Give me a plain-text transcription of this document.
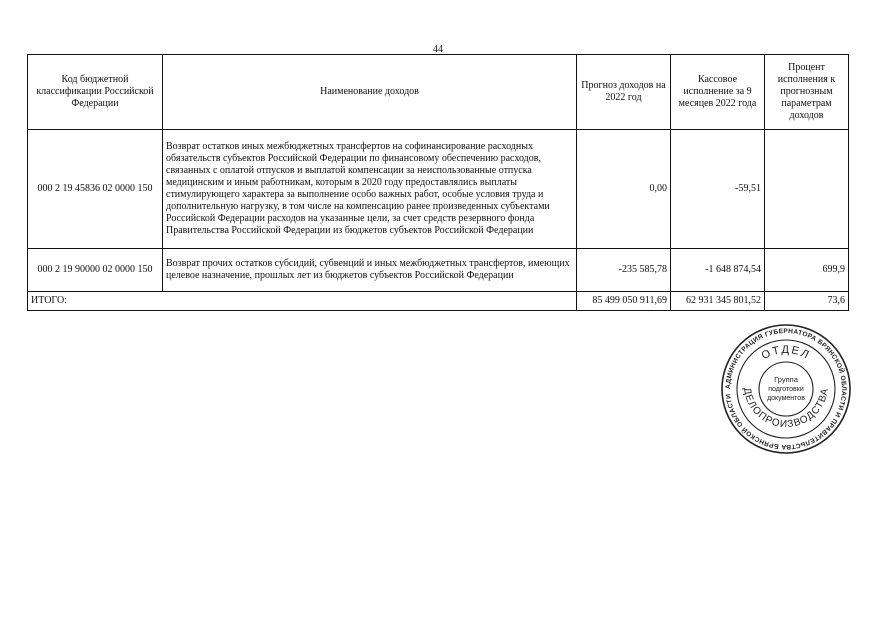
44
Код бюджетной классификации Российской Федерации	Наименование доходов	Прогноз доходов на 2022 год	Кассовое исполнение за 9 месяцев 2022 года	Процент исполнения к прогнозным параметрам доходов
000 2 19 45836 02 0000 150	Возврат остатков иных межбюджетных трансфертов на софинансирование расходных обязательств субъектов Российской Федерации по финансовому обеспечению расходов, связанных с оплатой отпусков и выплатой компенсации за неиспользованные отпуска медицинским и иным работникам, которым в 2020 году предоставлялись выплаты стимулирующего характера за выполнение особо важных работ, особые условия труда и дополнительную нагрузку, в том числе на компенсацию ранее произведенных субъектами Российской Федерации расходов на указанные цели, за счет средств резервного фонда Правительства Российской Федерации из бюджетов субъектов Российской Федерации	0,00	-59,51	
000 2 19 90000 02 0000 150	Возврат прочих остатков субсидий, субвенций и иных межбюджетных трансфертов, имеющих целевое назначение, прошлых лет из бюджетов субъектов Российской Федерации	-235 585,78	-1 648 874,54	699,9
ИТОГО:		85 499 050 911,69	62 931 345 801,52	73,6
АДМИНИСТРАЦИЯ ГУБЕРНАТОРА БРЯНСКОЙ ОБЛАСТИ И ПРАВИТЕЛЬСТВА БРЯНСКОЙ ОБЛАСТИ
ОТДЕЛ
ДЕЛОПРОИЗВОДСТВА
Группа
подготовки
документов
